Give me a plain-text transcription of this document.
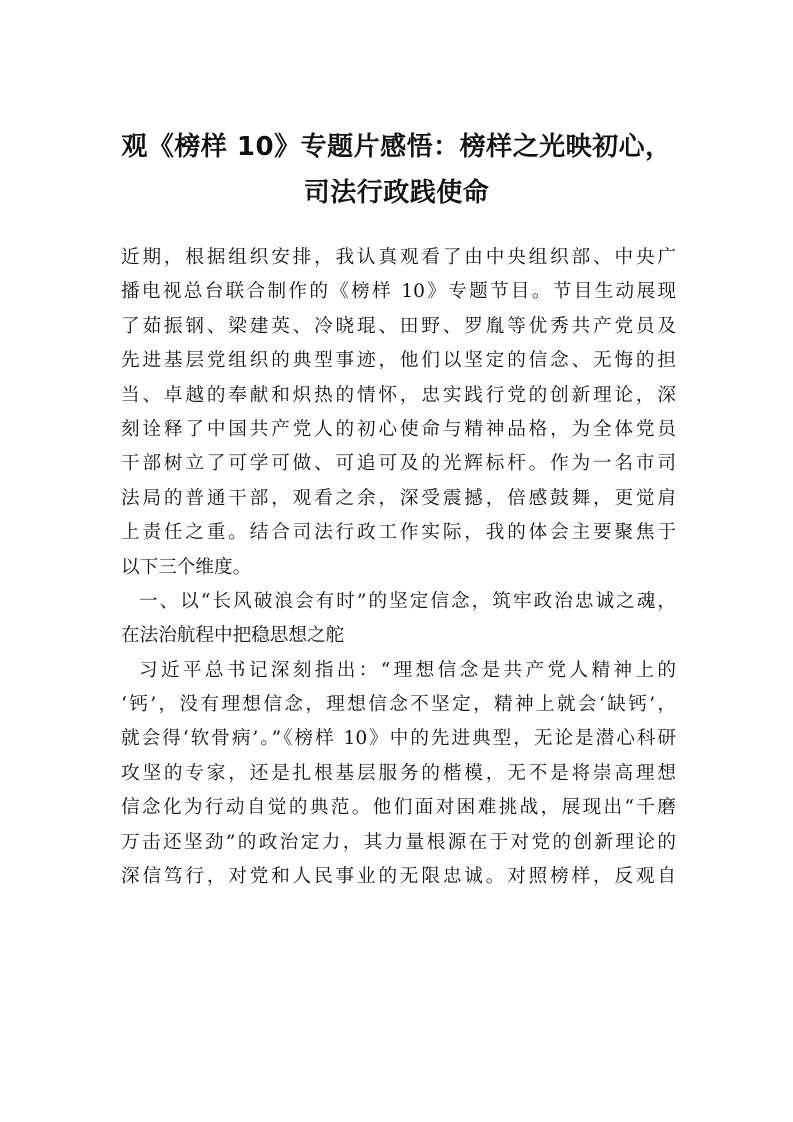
观《榜样 10》专题片感悟：榜样之光映初心，
司法行政践使命
近期，根据组织安排，我认真观看了由中央组织部、中央广
播电视总台联合制作的《榜样 10》专题节目。节目生动展现
了茹振钢、梁建英、冷晓琨、田野、罗胤等优秀共产党员及
先进基层党组织的典型事迹，他们以坚定的信念、无悔的担
当、卓越的奉献和炽热的情怀，忠实践行党的创新理论，深
刻诠释了中国共产党人的初心使命与精神品格，为全体党员
干部树立了可学可做、可追可及的光辉标杆。作为一名市司
法局的普通干部，观看之余，深受震撼，倍感鼓舞，更觉肩
上责任之重。结合司法行政工作实际，我的体会主要聚焦于
以下三个维度。
一、以“长风破浪会有时”的坚定信念，筑牢政治忠诚之魂，
在法治航程中把稳思想之舵
习近平总书记深刻指出：“理想信念是共产党人精神上的
‘钙’，没有理想信念，理想信念不坚定，精神上就会‘缺钙’，
就会得‘软骨病’。”《榜样 10》中的先进典型，无论是潜心科研
攻坚的专家，还是扎根基层服务的楷模，无不是将崇高理想
信念化为行动自觉的典范。他们面对困难挑战，展现出“千磨
万击还坚劲”的政治定力，其力量根源在于对党的创新理论的
深信笃行，对党和人民事业的无限忠诚。对照榜样，反观自
